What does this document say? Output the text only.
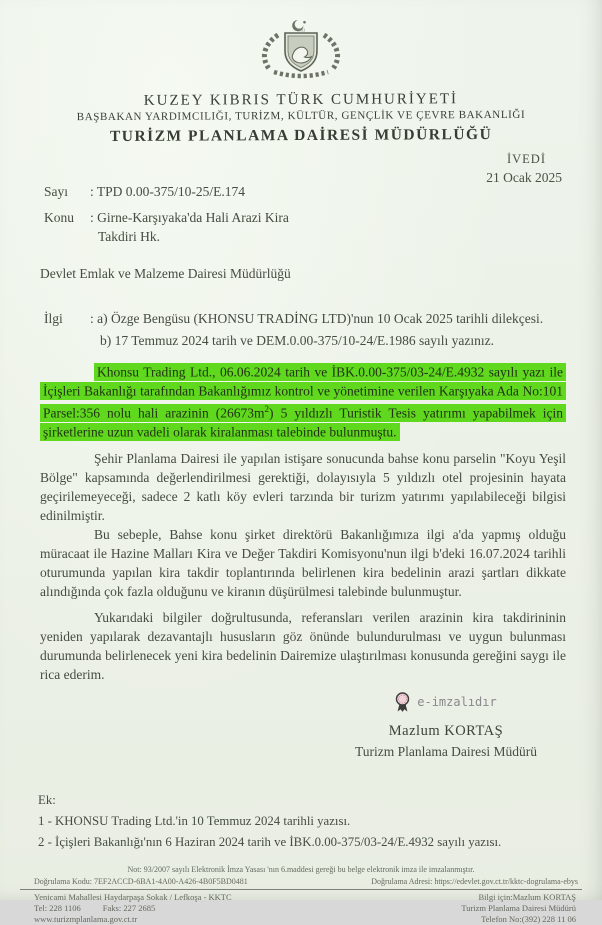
1983
KUZEY KIBRIS TÜRK CUMHURİYETİ
BAŞBAKAN YARDIMCILIĞI, TURİZM, KÜLTÜR, GENÇLİK VE ÇEVRE BAKANLIĞI
TURİZM PLANLAMA DAİRESİ MÜDÜRLÜĞÜ
İVEDİ
21 Ocak 2025
Sayı	: TPD 0.00-375/10-25/E.174
Konu	: Girne-Karşıyaka'da Hali Arazi Kira
Takdiri Hk.
Devlet Emlak ve Malzeme Dairesi Müdürlüğü
İlgi	: a) Özge Bengüsu (KHONSU TRADİNG LTD)'nun 10 Ocak 2025 tarihli dilekçesi.
b) 17 Temmuz 2024 tarih ve DEM.0.00-375/10-24/E.1986 sayılı yazınız.

Khonsu Trading Ltd., 06.06.2024 tarih ve İBK.0.00-375/03-24/E.4932 sayılı yazı ile İçişleri Bakanlığı tarafından Bakanlığımız kontrol ve yönetimine verilen Karşıyaka Ada No:101 Parsel:356 nolu hali arazinin $(26673m^2)$ 5 yıldızlı Turistik Tesis yatırımı yapabilmek için şirketlerine uzun vadeli olarak kiralanması talebinde bulunmuştu.

Şehir Planlama Dairesi ile yapılan istişare sonucunda bahse konu parselin "Koyu Yeşil Bölge" kapsamında değerlendirilmesi gerektiği, dolayısıyla 5 yıldızlı otel projesinin hayata geçirilemeyeceği, sadece 2 katlı köy evleri tarzında bir turizm yatırımı yapılabileceği bilgisi edinilmiştir.

Bu sebeple, Bahse konu şirket direktörü Bakanlığımıza ilgi a'da yapmış olduğu müracaat ile Hazine Malları Kira ve Değer Takdiri Komisyonu'nun ilgi b'deki 16.07.2024 tarihli oturumunda yapılan kira takdir toplantırında belirlenen kira bedelinin arazi şartları dikkate alındığında çok fazla olduğunu ve kiranın düşürülmesi talebinde bulunmuştur.

Yukarıdaki bilgiler doğrultusunda, referansları verilen arazinin kira takdirininin yeniden yapılarak dezavantajlı hususların göz önünde bulundurulması ve uygun bulunması durumunda belirlenecek yeni kira bedelinin Dairemize ulaştırılması konusunda gereğini saygı ile rica ederim.

e-imzalıdır
Mazlum KORTAŞ
Turizm Planlama Dairesi Müdürü
Ek:
1 - KHONSU Trading Ltd.'in 10 Temmuz 2024 tarihli yazısı.
2 - İçişleri Bakanlığı'nın 6 Haziran 2024 tarih ve İBK.0.00-375/03-24/E.4932 sayılı yazısı.
Not: 93/2007 sayılı Elektronik İmza Yasası 'nın 6.maddesi gereği bu belge elektronik imza ile imzalanmıştır.
Doğrulama Kodu: 7EF2ACCD-6BA1-4A00-A426-4B0F5BD0481	Doğrulama Adresi: https://edevlet.gov.ct.tr/kktc-dogrulama-ebys
Yenicami Mahallesi Haydarpaşa Sokak / Lefkoşa - KKTC
Tel: 228 1106	Faks: 227 2685
www.turizmplanlama.gov.ct.tr
Bilgi için:Mazlum KORTAŞ
Turizm Planlama Dairesi Müdürü
Telefon No:(392) 228 11 06
